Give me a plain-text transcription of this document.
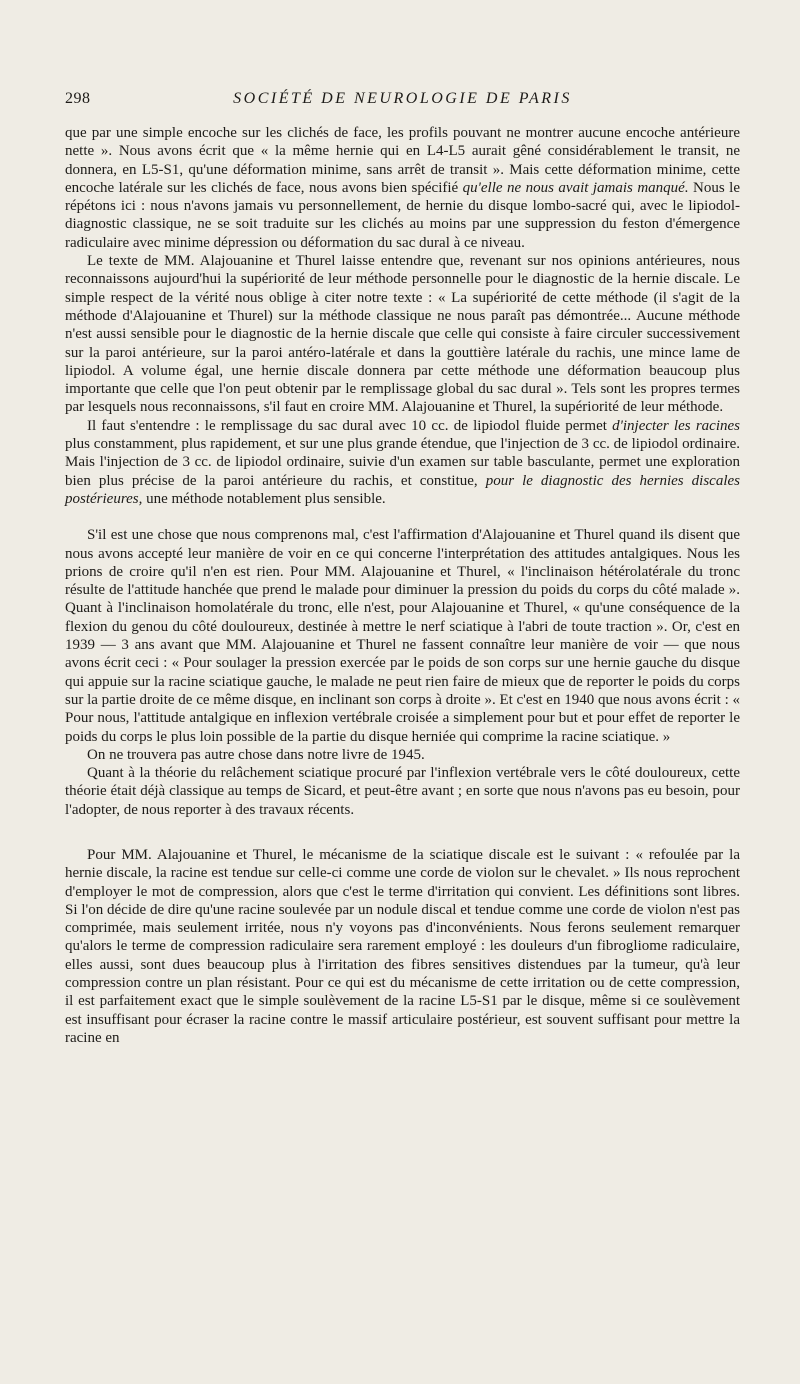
298	SOCIÉTÉ DE NEUROLOGIE DE PARIS

que par une simple encoche sur les clichés de face, les profils pouvant ne montrer aucune encoche antérieure nette ». Nous avons écrit que « la même hernie qui en L4-L5 aurait gêné considérablement le transit, ne donnera, en L5-S1, qu'une déformation minime, sans arrêt de transit ». Mais cette déformation minime, cette encoche latérale sur les clichés de face, nous avons bien spécifié qu'elle ne nous avait jamais manqué. Nous le répétons ici : nous n'avons jamais vu personnellement, de hernie du disque lombo-sacré qui, avec le lipiodol-diagnostic classique, ne se soit traduite sur les clichés au moins par une suppression du feston d'émergence radiculaire avec minime dépression ou déformation du sac dural à ce niveau.

Le texte de MM. Alajouanine et Thurel laisse entendre que, revenant sur nos opinions antérieures, nous reconnaissons aujourd'hui la supériorité de leur méthode personnelle pour le diagnostic de la hernie discale. Le simple respect de la vérité nous oblige à citer notre texte : « La supériorité de cette méthode (il s'agit de la méthode d'Alajouanine et Thurel) sur la méthode classique ne nous paraît pas démontrée... Aucune méthode n'est aussi sensible pour le diagnostic de la hernie discale que celle qui consiste à faire circuler successivement sur la paroi antérieure, sur la paroi antéro-latérale et dans la gouttière latérale du rachis, une mince lame de lipiodol. A volume égal, une hernie discale donnera par cette méthode une déformation beaucoup plus importante que celle que l'on peut obtenir par le remplissage global du sac dural ». Tels sont les propres termes par lesquels nous reconnaissons, s'il faut en croire MM. Alajouanine et Thurel, la supériorité de leur méthode.

Il faut s'entendre : le remplissage du sac dural avec 10 cc. de lipiodol fluide permet d'injecter les racines plus constamment, plus rapidement, et sur une plus grande étendue, que l'injection de 3 cc. de lipiodol ordinaire. Mais l'injection de 3 cc. de lipiodol ordinaire, suivie d'un examen sur table basculante, permet une exploration bien plus précise de la paroi antérieure du rachis, et constitue, pour le diagnostic des hernies discales postérieures, une méthode notablement plus sensible.

S'il est une chose que nous comprenons mal, c'est l'affirmation d'Alajouanine et Thurel quand ils disent que nous avons accepté leur manière de voir en ce qui concerne l'interprétation des attitudes antalgiques. Nous les prions de croire qu'il n'en est rien. Pour MM. Alajouanine et Thurel, « l'inclinaison hétérolatérale du tronc résulte de l'attitude hanchée que prend le malade pour diminuer la pression du poids du corps du côté malade ». Quant à l'inclinaison homolatérale du tronc, elle n'est, pour Alajouanine et Thurel, « qu'une conséquence de la flexion du genou du côté douloureux, destinée à mettre le nerf sciatique à l'abri de toute traction ». Or, c'est en 1939 — 3 ans avant que MM. Alajouanine et Thurel ne fassent connaître leur manière de voir — que nous avons écrit ceci : « Pour soulager la pression exercée par le poids de son corps sur une hernie gauche du disque qui appuie sur la racine sciatique gauche, le malade ne peut rien faire de mieux que de reporter le poids du corps sur la partie droite de ce même disque, en inclinant son corps à droite ». Et c'est en 1940 que nous avons écrit : « Pour nous, l'attitude antalgique en inflexion vertébrale croisée a simplement pour but et pour effet de reporter le poids du corps le plus loin possible de la partie du disque herniée qui comprime la racine sciatique. »

On ne trouvera pas autre chose dans notre livre de 1945.

Quant à la théorie du relâchement sciatique procuré par l'inflexion vertébrale vers le côté douloureux, cette théorie était déjà classique au temps de Sicard, et peut-être avant ; en sorte que nous n'avons pas eu besoin, pour l'adopter, de nous reporter à des travaux récents.

Pour MM. Alajouanine et Thurel, le mécanisme de la sciatique discale est le suivant : « refoulée par la hernie discale, la racine est tendue sur celle-ci comme une corde de violon sur le chevalet. » Ils nous reprochent d'employer le mot de compression, alors que c'est le terme d'irritation qui convient. Les définitions sont libres. Si l'on décide de dire qu'une racine soulevée par un nodule discal et tendue comme une corde de violon n'est pas comprimée, mais seulement irritée, nous n'y voyons pas d'inconvénients. Nous ferons seulement remarquer qu'alors le terme de compression radiculaire sera rarement employé : les douleurs d'un fibrogliome radiculaire, elles aussi, sont dues beaucoup plus à l'irritation des fibres sensitives distendues par la tumeur, qu'à leur compression contre un plan résistant. Pour ce qui est du mécanisme de cette irritation ou de cette compression, il est parfaitement exact que le simple soulèvement de la racine L5-S1 par le disque, même si ce soulèvement est insuffisant pour écraser la racine contre le massif articulaire postérieur, est souvent suffisant pour mettre la racine en
